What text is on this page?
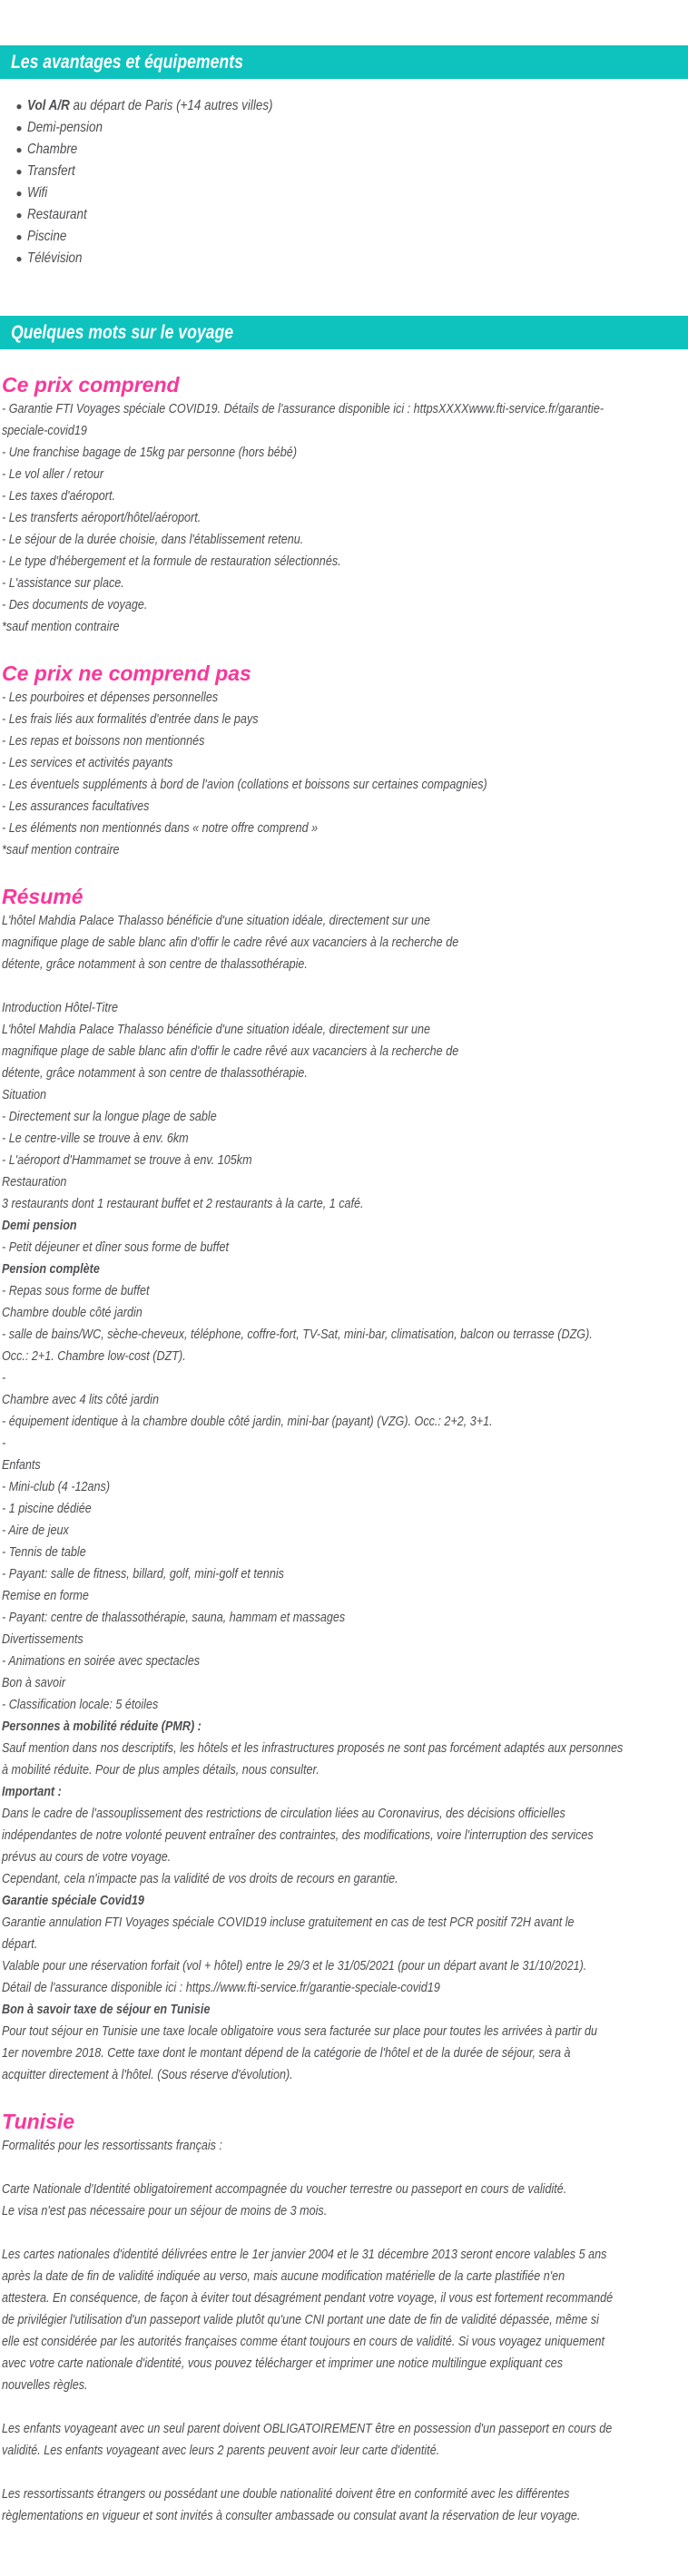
Les avantages et équipements
● Vol A/R au départ de Paris (+14 autres villes)
● Demi-pension
● Chambre
● Transfert
● Wifi
● Restaurant
● Piscine
● Télévision
Quelques mots sur le voyage
Ce prix comprend
- Garantie FTI Voyages spéciale COVID19. Détails de l'assurance disponible ici : httpsXXXXwww.fti-service.fr/garantie-
speciale-covid19
- Une franchise bagage de 15kg par personne (hors bébé)
- Le vol aller / retour
- Les taxes d'aéroport.
- Les transferts aéroport/hôtel/aéroport.
- Le séjour de la durée choisie, dans l'établissement retenu.
- Le type d'hébergement et la formule de restauration sélectionnés.
- L'assistance sur place.
- Des documents de voyage.
*sauf mention contraire
Ce prix ne comprend pas
- Les pourboires et dépenses personnelles
- Les frais liés aux formalités d'entrée dans le pays
- Les repas et boissons non mentionnés
- Les services et activités payants
- Les éventuels suppléments à bord de l'avion (collations et boissons sur certaines compagnies)
- Les assurances facultatives
- Les éléments non mentionnés dans « notre offre comprend »
*sauf mention contraire
Résumé
L'hôtel Mahdia Palace Thalasso bénéficie d'une situation idéale, directement sur une
magnifique plage de sable blanc afin d'offir le cadre rêvé aux vacanciers à la recherche de
détente, grâce notamment à son centre de thalassothérapie.

Introduction Hôtel-Titre
L'hôtel Mahdia Palace Thalasso bénéficie d'une situation idéale, directement sur une
magnifique plage de sable blanc afin d'offir le cadre rêvé aux vacanciers à la recherche de
détente, grâce notamment à son centre de thalassothérapie.
Situation
- Directement sur la longue plage de sable
- Le centre-ville se trouve à env. 6km
- L'aéroport d'Hammamet se trouve à env. 105km
Restauration
3 restaurants dont 1 restaurant buffet et 2 restaurants à la carte, 1 café.
Demi pension
- Petit déjeuner et dîner sous forme de buffet
Pension complète
- Repas sous forme de buffet
Chambre double côté jardin
- salle de bains/WC, sèche-cheveux, téléphone, coffre-fort, TV-Sat, mini-bar, climatisation, balcon ou terrasse (DZG).
Occ.: 2+1. Chambre low-cost (DZT).
-
Chambre avec 4 lits côté jardin
- équipement identique à la chambre double côté jardin, mini-bar (payant) (VZG). Occ.: 2+2, 3+1.
-
Enfants
- Mini-club (4 -12ans)
- 1 piscine dédiée
- Aire de jeux
- Tennis de table
- Payant: salle de fitness, billard, golf, mini-golf et tennis
Remise en forme
- Payant: centre de thalassothérapie, sauna, hammam et massages
Divertissements
- Animations en soirée avec spectacles
Bon à savoir
- Classification locale: 5 étoiles
Personnes à mobilité réduite (PMR) :
Sauf mention dans nos descriptifs, les hôtels et les infrastructures proposés ne sont pas forcément adaptés aux personnes
à mobilité réduite. Pour de plus amples détails, nous consulter.
Important :
Dans le cadre de l'assouplissement des restrictions de circulation liées au Coronavirus, des décisions officielles
indépendantes de notre volonté peuvent entraîner des contraintes, des modifications, voire l'interruption des services
prévus au cours de votre voyage.
Cependant, cela n'impacte pas la validité de vos droits de recours en garantie.
Garantie spéciale Covid19
Garantie annulation FTI Voyages spéciale COVID19 incluse gratuitement en cas de test PCR positif 72H avant le
départ.
Valable pour une réservation forfait (vol + hôtel) entre le 29/3 et le 31/05/2021 (pour un départ avant le 31/10/2021).
Détail de l'assurance disponible ici : https.//www.fti-service.fr/garantie-speciale-covid19
Bon à savoir taxe de séjour en Tunisie
Pour tout séjour en Tunisie une taxe locale obligatoire vous sera facturée sur place pour toutes les arrivées à partir du
1er novembre 2018. Cette taxe dont le montant dépend de la catégorie de l'hôtel et de la durée de séjour, sera à
acquitter directement à l'hôtel. (Sous réserve d'évolution).
Tunisie
Formalités pour les ressortissants français :

Carte Nationale d'Identité obligatoirement accompagnée du voucher terrestre ou passeport en cours de validité.
Le visa n'est pas nécessaire pour un séjour de moins de 3 mois.

Les cartes nationales d'identité délivrées entre le 1er janvier 2004 et le 31 décembre 2013 seront encore valables 5 ans
après la date de fin de validité indiquée au verso, mais aucune modification matérielle de la carte plastifiée n'en
attestera. En conséquence, de façon à éviter tout désagrément pendant votre voyage, il vous est fortement recommandé
de privilégier l'utilisation d'un passeport valide plutôt qu'une CNI portant une date de fin de validité dépassée, même si
elle est considérée par les autorités françaises comme étant toujours en cours de validité. Si vous voyagez uniquement
avec votre carte nationale d'identité, vous pouvez télécharger et imprimer une notice multilingue expliquant ces
nouvelles règles.

Les enfants voyageant avec un seul parent doivent OBLIGATOIREMENT être en possession d'un passeport en cours de
validité. Les enfants voyageant avec leurs 2 parents peuvent avoir leur carte d'identité.

Les ressortissants étrangers ou possédant une double nationalité doivent être en conformité avec les différentes
règlementations en vigueur et sont invités à consulter ambassade ou consulat avant la réservation de leur voyage.
